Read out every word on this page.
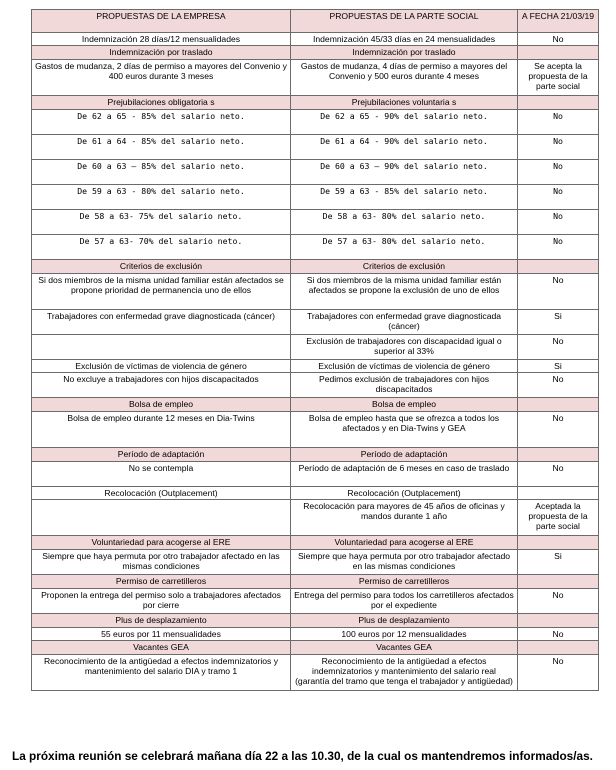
PROPUESTAS DE LA EMPRESA	PROPUESTAS DE LA PARTE SOCIAL	A FECHA 21/03/19
Indemnización 28 días/12 mensualidades	Indemnización 45/33 días en 24 mensualidades	No
Indemnización por traslado	Indemnización por traslado	
Gastos de mudanza, 2 días de permiso a mayores del Convenio y 400 euros durante 3 meses	Gastos de mudanza, 4 días de permiso a mayores del Convenio y 500 euros durante 4 meses	Se acepta la propuesta de la parte social
Prejubilaciones obligatoria s	Prejubilaciones voluntaria s	
De 62 a 65 - 85% del salario neto.	De 62 a 65 - 90% del salario neto.	No
De 61 a 64 - 85% del salario neto.	De 61 a 64 - 90% del salario neto.	No
De 60 a 63 – 85% del salario neto.	De 60 a 63 – 90% del salario neto.	No
De 59 a 63 - 80% del salario neto.	De 59 a 63 - 85% del salario neto.	No
De 58 a 63- 75% del salario neto.	De 58 a 63- 80% del salario neto.	No
De 57 a 63- 70% del salario neto.	De 57 a 63- 80% del salario neto.	No
Criterios de exclusión	Criterios de exclusión	
Si dos miembros de la misma unidad familiar están afectados se propone prioridad de permanencia uno de ellos	Si dos miembros de la misma unidad familiar están afectados se propone la exclusión de uno de ellos	No
Trabajadores con enfermedad grave diagnosticada (cáncer)	Trabajadores con enfermedad grave diagnosticada (cáncer)	Si
	Exclusión de trabajadores con discapacidad igual o superior al 33%	No
Exclusión de víctimas de violencia de género	Exclusión de víctimas de violencia de género	Si
No excluye a trabajadores con hijos discapacitados	Pedimos exclusión de trabajadores con hijos discapacitados	No
Bolsa de empleo	Bolsa de empleo	
Bolsa de empleo durante 12 meses en Dia-Twins	Bolsa de empleo hasta que se ofrezca a todos los afectados y en Dia-Twins y GEA	No
Período de adaptación	Período de adaptación	
No se contempla	Período de adaptación de 6 meses en caso de traslado	No
Recolocación (Outplacement)	Recolocación (Outplacement)	
	Recolocación para mayores de 45 años de oficinas y mandos durante 1 año	Aceptada la propuesta de la parte social
Voluntariedad para acogerse al ERE	Voluntariedad para acogerse al ERE	
Siempre que haya permuta por otro trabajador afectado en las mismas condiciones	Siempre que haya permuta por otro trabajador afectado en las mismas condiciones	Si
Permiso de carretilleros	Permiso de carretilleros	
Proponen la entrega del permiso solo a trabajadores afectados por cierre	Entrega del permiso para todos los carretilleros afectados por el expediente	No
Plus de desplazamiento	Plus de desplazamiento	
55 euros por 11 mensualidades	100 euros por 12 mensualidades	No
Vacantes GEA	Vacantes GEA	
Reconocimiento de la antigüedad a efectos indemnizatorios y mantenimiento del salario DIA y tramo 1	Reconocimiento de la antigüedad a efectos indemnizatorios y mantenimiento del salario real (garantía del tramo que tenga el trabajador y antigüedad)	No
La próxima reunión se celebrará mañana día 22 a las 10.30, de la cual os mantendremos informados/as.
